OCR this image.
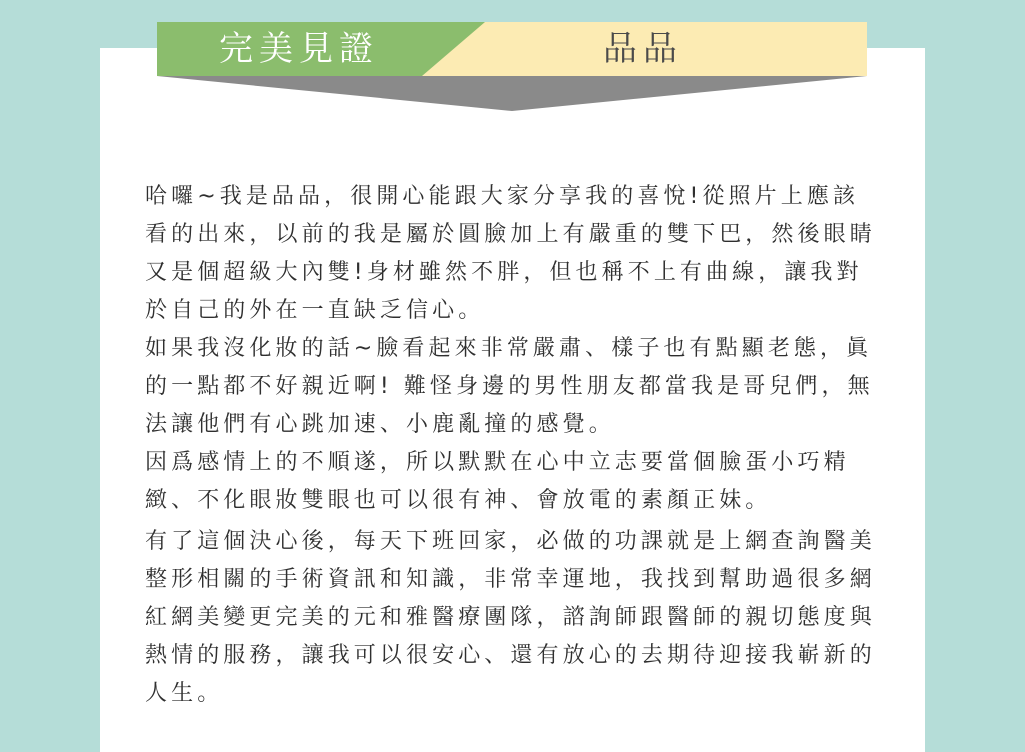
完美見證	品品

哈囉~我是品品，很開心能跟大家分享我的喜悅!從照片上應該看的出來，以前的我是屬於圓臉加上有嚴重的雙下巴，然後眼睛又是個超級大內雙!身材雖然不胖，但也稱不上有曲線，讓我對於自己的外在一直缺乏信心。

如果我沒化妝的話~臉看起來非常嚴肅、樣子也有點顯老態，眞的一點都不好親近啊! 難怪身邊的男性朋友都當我是哥兒們，無法讓他們有心跳加速、小鹿亂撞的感覺。

因爲感情上的不順遂，所以默默在心中立志要當個臉蛋小巧精緻、不化眼妝雙眼也可以很有神、會放電的素顏正妹。

有了這個決心後，每天下班回家，必做的功課就是上網查詢醫美整形相關的手術資訊和知識，非常幸運地，我找到幫助過很多網紅網美變更完美的元和雅醫療團隊，諮詢師跟醫師的親切態度與熱情的服務，讓我可以很安心、還有放心的去期待迎接我嶄新的人生。
